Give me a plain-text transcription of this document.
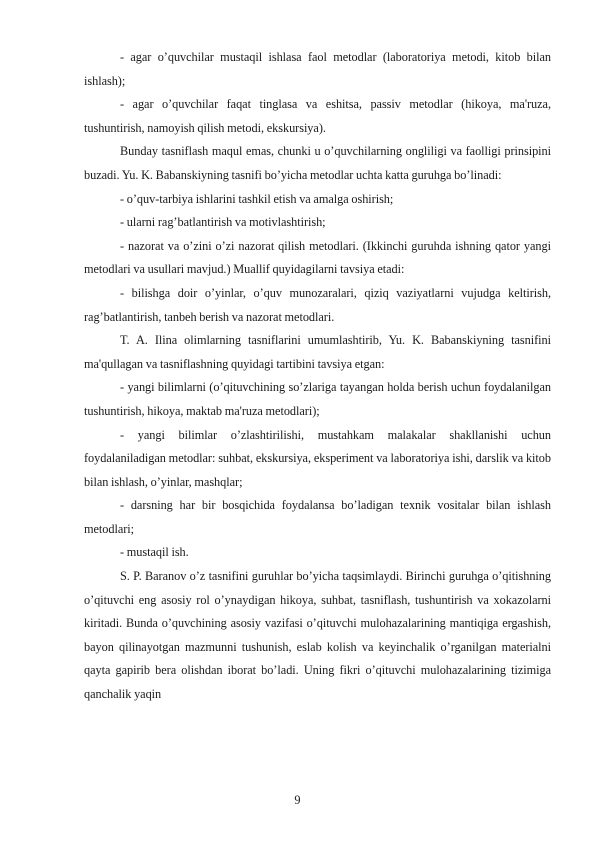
- agar o’quvchilar mustaqil ishlasa faol metodlar (laboratoriya metodi, kitob bilan ishlash);

- agar o’quvchilar faqat tinglasa va eshitsa, passiv metodlar (hikoya, ma'ruza, tushuntirish, namoyish qilish metodi, ekskursiya).

Bunday tasniflash maqul emas, chunki u o’quvchilarning ongliligi va faolligi prinsipini buzadi. Yu. K. Babanskiyning tasnifi bo’yicha metodlar uchta katta guruhga bo’linadi:

- o’quv-tarbiya ishlarini tashkil etish va amalga oshirish;

- ularni rag’batlantirish va motivlashtirish;

- nazorat va o’zini o’zi nazorat qilish metodlari. (Ikkinchi guruhda ishning qator yangi metodlari va usullari mavjud.) Muallif quyidagilarni tavsiya etadi:

- bilishga doir o’yinlar, o’quv munozaralari, qiziq vaziyatlarni vujudga keltirish, rag’batlantirish, tanbeh berish va nazorat metodlari.

T. A. Ilina olimlarning tasniflarini umumlashtirib, Yu. K. Babanskiyning tasnifini ma'qullagan va tasniflashning quyidagi tartibini tavsiya etgan:

- yangi bilimlarni (o’qituvchining so’zlariga tayangan holda berish uchun foydalanilgan tushuntirish, hikoya, maktab ma'ruza metodlari);

- yangi bilimlar o’zlashtirilishi, mustahkam malakalar shakllanishi uchun foydalaniladigan metodlar: suhbat, ekskursiya, eksperiment va laboratoriya ishi, darslik va kitob bilan ishlash, o’yinlar, mashqlar;

- darsning har bir bosqichida foydalansa bo’ladigan texnik vositalar bilan ishlash metodlari;

- mustaqil ish.

S. P. Baranov o’z tasnifini guruhlar bo’yicha taqsimlaydi. Birinchi guruhga o’qitishning o’qituvchi eng asosiy rol o’ynaydigan hikoya, suhbat, tasniflash, tushuntirish va xokazolarni kiritadi. Bunda o’quvchining asosiy vazifasi o’qituvchi mulohazalarining mantiqiga ergashish, bayon qilinayotgan mazmunni tushunish, eslab kolish va keyinchalik o’rganilgan materialni qayta gapirib bera olishdan iborat bo’ladi. Uning fikri o’qituvchi mulohazalarining tizimiga qanchalik yaqin

9
